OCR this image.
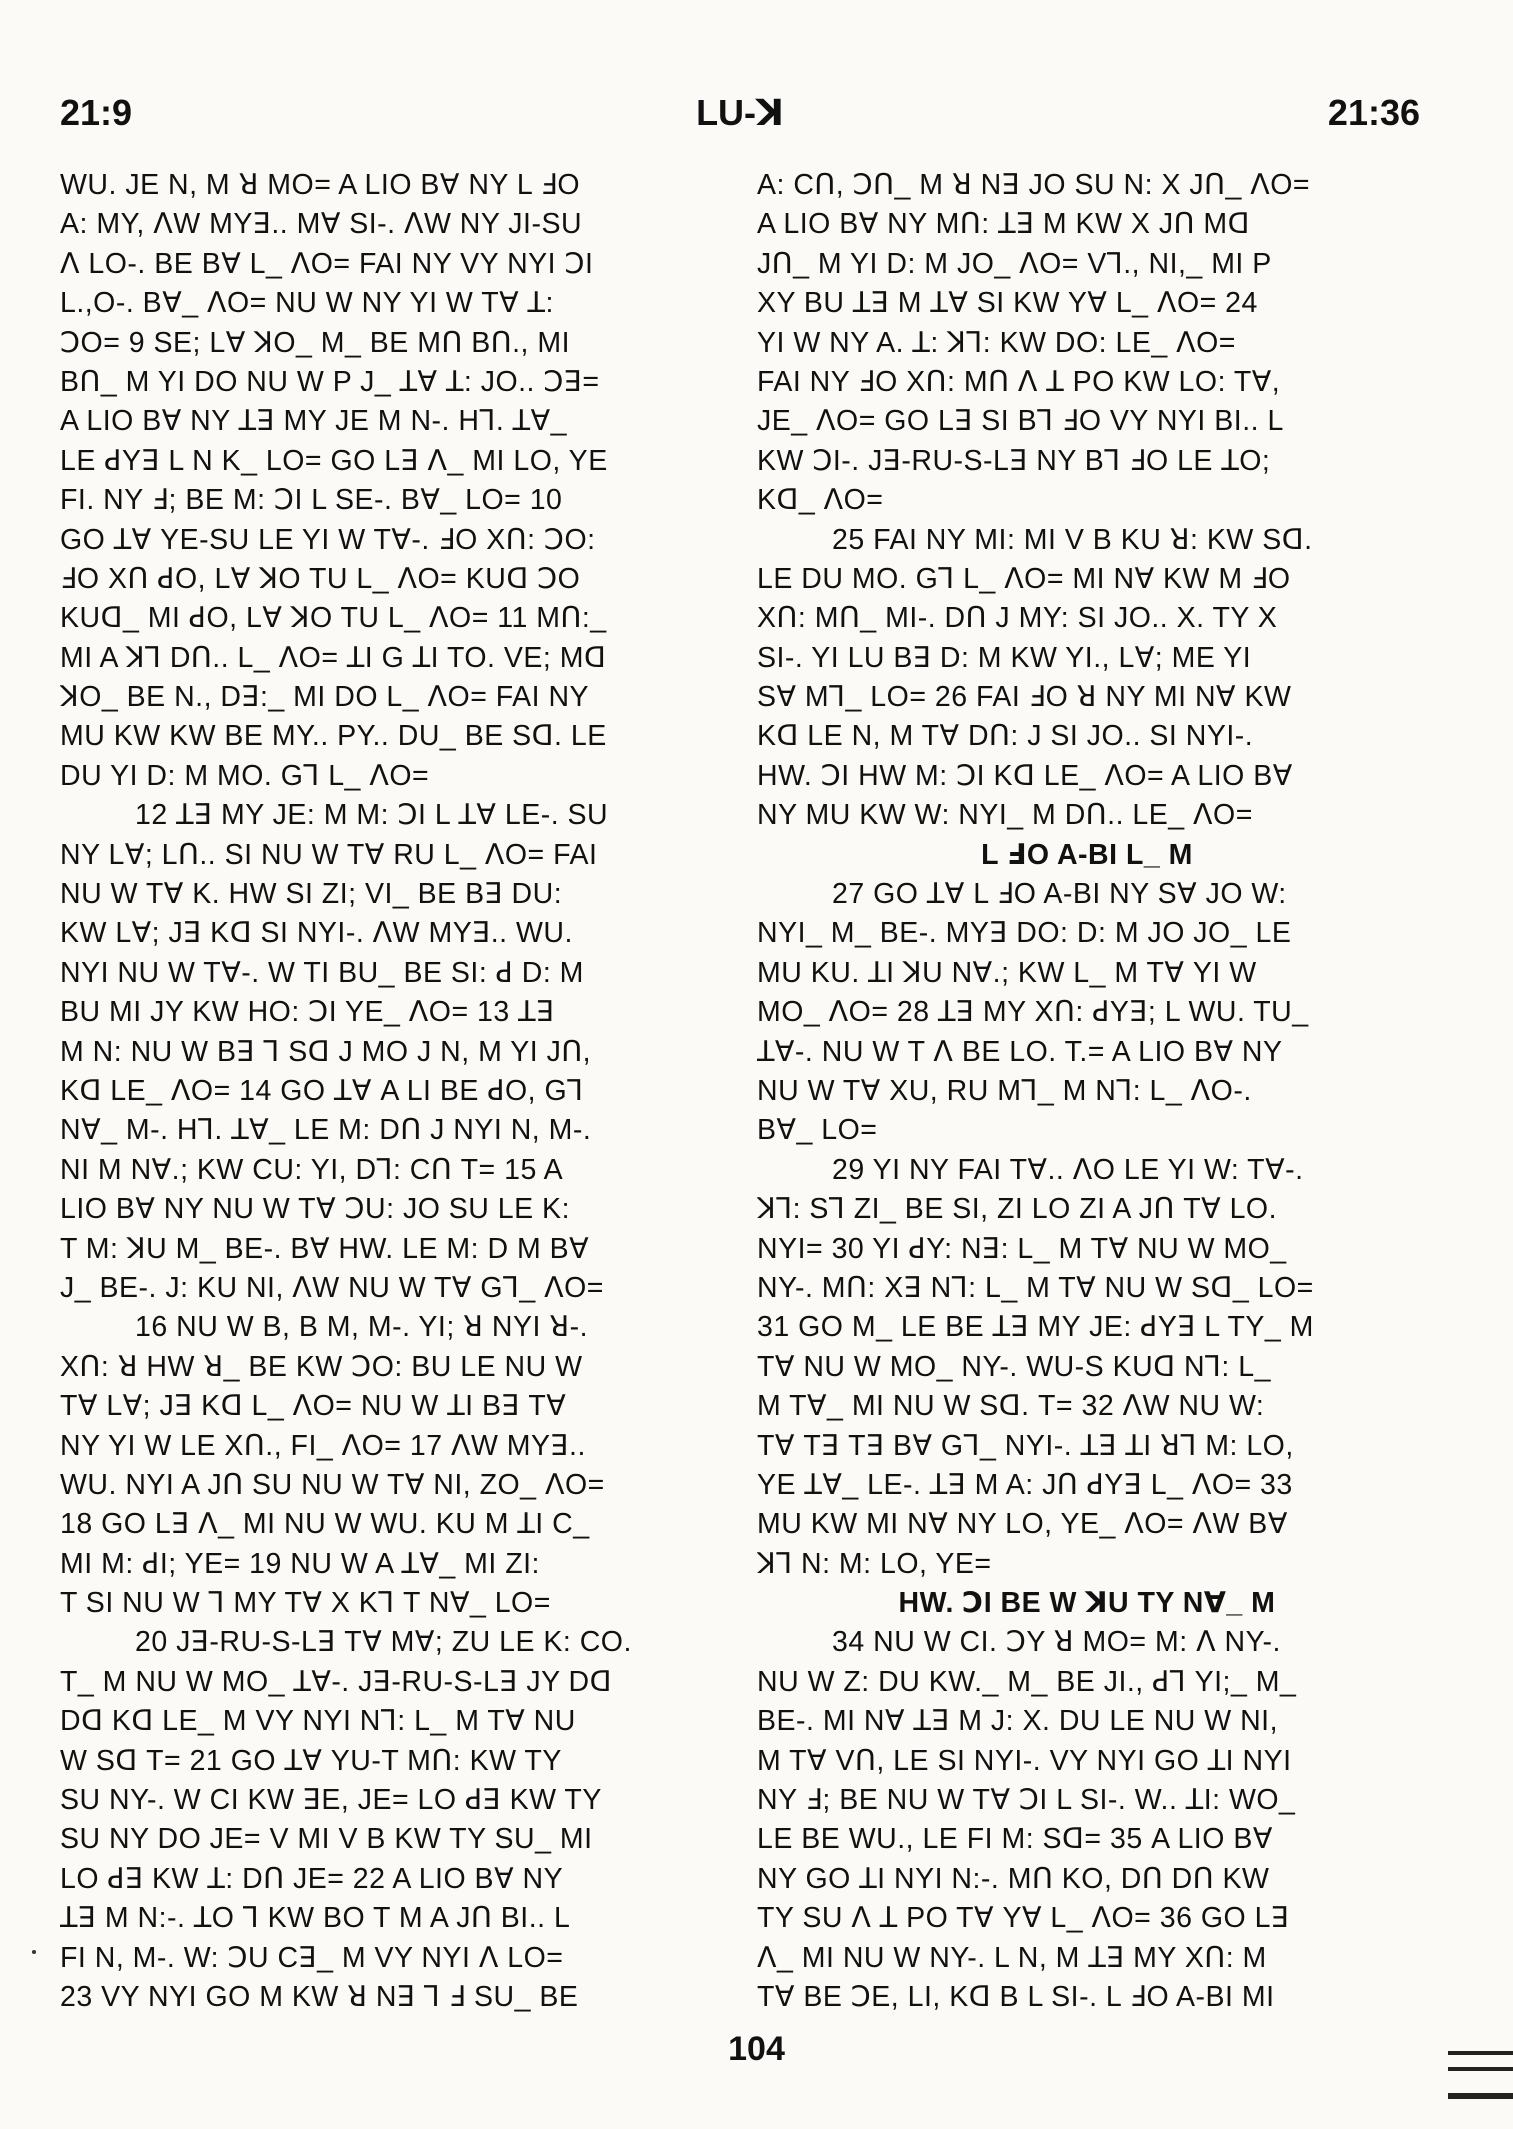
21:9	LU-ꓘ	21:36
WU. JE N, M ꓤ MO= A LIO Bꓯ NY L ꓞO
A: MY, ꓥW MYꓱ.. Mꓯ SI-. ꓥW NY JI-SU
ꓥ LO-. BE Bꓯ L_ ꓥO= FAI NY VY NYI ꓛI
L.,O-. Bꓯ_ ꓥO= NU W NY YI W Tꓯ ꓕ:
ꓛO= 9 SE; Lꓯ ꓘO_ M_ BE Mꓵ Bꓵ., MI
Bꓵ_ M YI DO NU W P J_ ꓕꓯ ꓕ: JO.. ꓛꓱ=
A LIO Bꓯ NY ꓕꓱ MY JE M N-. Hꓶ. ꓕꓯ_
LE ꓒYꓱ L N K_ LO= GO Lꓱ ꓥ_ MI LO, YE
FI. NY ꓞ; BE M: ꓛI L SE-. Bꓯ_ LO= 10
GO ꓕꓯ YE-SU LE YI W Tꓯ-. ꓞO Xꓵ: ꓛO:
ꓞO Xꓵ ꓒO, Lꓯ ꓘO TU L_ ꓥO= KUꓷ ꓛO
KUꓷ_ MI ꓒO, Lꓯ ꓘO TU L_ ꓥO= 11 Mꓵ:_
MI A ꓘꓶ Dꓵ.. L_ ꓥO= ꓕI G ꓕI TO. VE; Mꓷ
ꓘO_ BE N., Dꓱ:_ MI DO L_ ꓥO= FAI NY
MU KW KW BE MY.. PY.. DU_ BE Sꓷ. LE
DU YI D: M MO. Gꓶ L_ ꓥO=
12 ꓕꓱ MY JE: M M: ꓛI L ꓕꓯ LE-. SU
NY Lꓯ; Lꓵ.. SI NU W Tꓯ RU L_ ꓥO= FAI
NU W Tꓯ K. HW SI ZI; VI_ BE Bꓱ DU:
KW Lꓯ; Jꓱ Kꓷ SI NYI-. ꓥW MYꓱ.. WU.
NYI NU W Tꓯ-. W TI BU_ BE SI: ꓒ D: M
BU MI JY KW HO: ꓛI YE_ ꓥO= 13 ꓕꓱ
M N: NU W Bꓱ ꓶ Sꓷ J MO J N, M YI Jꓵ,
Kꓷ LE_ ꓥO= 14 GO ꓕꓯ A LI BE ꓒO, Gꓶ
Nꓯ_ M-. Hꓶ. ꓕꓯ_ LE M: Dꓵ J NYI N, M-.
NI M Nꓯ.; KW CU: YI, Dꓶ: Cꓵ T= 15 A
LIO Bꓯ NY NU W Tꓯ ꓛU: JO SU LE K:
T M: ꓘU M_ BE-. Bꓯ HW. LE M: D M Bꓯ
J_ BE-. J: KU NI, ꓥW NU W Tꓯ Gꓶ_ ꓥO=
16 NU W B, B M, M-. YI; ꓤ NYI ꓤ-.
Xꓵ: ꓤ HW ꓤ_ BE KW ꓛO: BU LE NU W
Tꓯ Lꓯ; Jꓱ Kꓷ L_ ꓥO= NU W ꓕI Bꓱ Tꓯ
NY YI W LE Xꓵ., FI_ ꓥO= 17 ꓥW MYꓱ..
WU. NYI A Jꓵ SU NU W Tꓯ NI, ZO_ ꓥO=
18 GO Lꓱ ꓥ_ MI NU W WU. KU M ꓕI C_
MI M: ꓒI; YE= 19 NU W A ꓕꓯ_ MI ZI:
T SI NU W ꓶ MY Tꓯ X Kꓶ T Nꓯ_ LO=
20 Jꓱ-RU-S-Lꓱ Tꓯ Mꓯ; ZU LE K: CO.
T_ M NU W MO_ ꓕꓯ-. Jꓱ-RU-S-Lꓱ JY Dꓷ
Dꓷ Kꓷ LE_ M VY NYI Nꓶ: L_ M Tꓯ NU
W Sꓷ T= 21 GO ꓕꓯ YU-T Mꓵ: KW TY
SU NY-. W CI KW ꓱE, JE= LO ꓒꓱ KW TY
SU NY DO JE= V MI V B KW TY SU_ MI
LO ꓒꓱ KW ꓕ: Dꓵ JE= 22 A LIO Bꓯ NY
ꓕꓱ M N:-. ꓕO ꓶ KW BO T M A Jꓵ BI.. L
FI N, M-. W: ꓛU Cꓱ_ M VY NYI ꓥ LO=
23 VY NYI GO M KW ꓤ Nꓱ ꓶ ꓞ SU_ BE
A: Cꓵ, ꓛꓵ_ M ꓤ Nꓱ JO SU N: X Jꓵ_ ꓥO=
A LIO Bꓯ NY Mꓵ: ꓕꓱ M KW X Jꓵ Mꓷ
Jꓵ_ M YI D: M JO_ ꓥO= Vꓶ., NI,_ MI P
XY BU ꓕꓱ M ꓕꓯ SI KW Yꓯ L_ ꓥO= 24
YI W NY A. ꓕ: ꓘꓶ: KW DO: LE_ ꓥO=
FAI NY ꓞO Xꓵ: Mꓵ ꓥ ꓕ PO KW LO: Tꓯ,
JE_ ꓥO= GO Lꓱ SI Bꓶ ꓞO VY NYI BI.. L
KW ꓛI-. Jꓱ-RU-S-Lꓱ NY Bꓶ ꓞO LE ꓕO;
Kꓷ_ ꓥO=
25 FAI NY MI: MI V B KU ꓤ: KW Sꓷ.
LE DU MO. Gꓶ L_ ꓥO= MI Nꓯ KW M ꓞO
Xꓵ: Mꓵ_ MI-. Dꓵ J MY: SI JO.. X. TY X
SI-. YI LU Bꓱ D: M KW YI., Lꓯ; ME YI
Sꓯ Mꓶ_ LO= 26 FAI ꓞO ꓤ NY MI Nꓯ KW
Kꓷ LE N, M Tꓯ Dꓵ: J SI JO.. SI NYI-.
HW. ꓛI HW M: ꓛI Kꓷ LE_ ꓥO= A LIO Bꓯ
NY MU KW W: NYI_ M Dꓵ.. LE_ ꓥO=
L ꓞO A-BI L_ M
27 GO ꓕꓯ L ꓞO A-BI NY Sꓯ JO W:
NYI_ M_ BE-. MYꓱ DO: D: M JO JO_ LE
MU KU. ꓕI ꓘU Nꓯ.; KW L_ M Tꓯ YI W
MO_ ꓥO= 28 ꓕꓱ MY Xꓵ: ꓒYꓱ; L WU. TU_
ꓕꓯ-. NU W T ꓥ BE LO. T.= A LIO Bꓯ NY
NU W Tꓯ XU, RU Mꓶ_ M Nꓶ: L_ ꓥO-.
Bꓯ_ LO=
29 YI NY FAI Tꓯ.. ꓥO LE YI W: Tꓯ-.
ꓘꓶ: Sꓶ ZI_ BE SI, ZI LO ZI A Jꓵ Tꓯ LO.
NYI= 30 YI ꓒY: Nꓱ: L_ M Tꓯ NU W MO_
NY-. Mꓵ: Xꓱ Nꓶ: L_ M Tꓯ NU W Sꓷ_ LO=
31 GO M_ LE BE ꓕꓱ MY JE: ꓒYꓱ L TY_ M
Tꓯ NU W MO_ NY-. WU-S KUꓷ Nꓶ: L_
M Tꓯ_ MI NU W Sꓷ. T= 32 ꓥW NU W:
Tꓯ Tꓱ Tꓱ Bꓯ Gꓶ_ NYI-. ꓕꓱ ꓕI ꓤꓶ M: LO,
YE ꓕꓯ_ LE-. ꓕꓱ M A: Jꓵ ꓒYꓱ L_ ꓥO= 33
MU KW MI Nꓯ NY LO, YE_ ꓥO= ꓥW Bꓯ
ꓘꓶ N: M: LO, YE=
HW. ꓛI BE W ꓘU TY Nꓯ_ M
34 NU W CI. ꓛY ꓤ MO= M: ꓥ NY-.
NU W Z: DU KW._ M_ BE JI., ꓒꓶ YI;_ M_
BE-. MI Nꓯ ꓕꓱ M J: X. DU LE NU W NI,
M Tꓯ Vꓵ, LE SI NYI-. VY NYI GO ꓕI NYI
NY ꓞ; BE NU W Tꓯ ꓛI L SI-. W.. ꓕI: WO_
LE BE WU., LE FI M: Sꓷ= 35 A LIO Bꓯ
NY GO ꓕI NYI N:-. Mꓵ KO, Dꓵ Dꓵ KW
TY SU ꓥ ꓕ PO Tꓯ Yꓯ L_ ꓥO= 36 GO Lꓱ
ꓥ_ MI NU W NY-. L N, M ꓕꓱ MY Xꓵ: M
Tꓯ BE ꓛE, LI, Kꓷ B L SI-. L ꓞO A-BI MI
104
